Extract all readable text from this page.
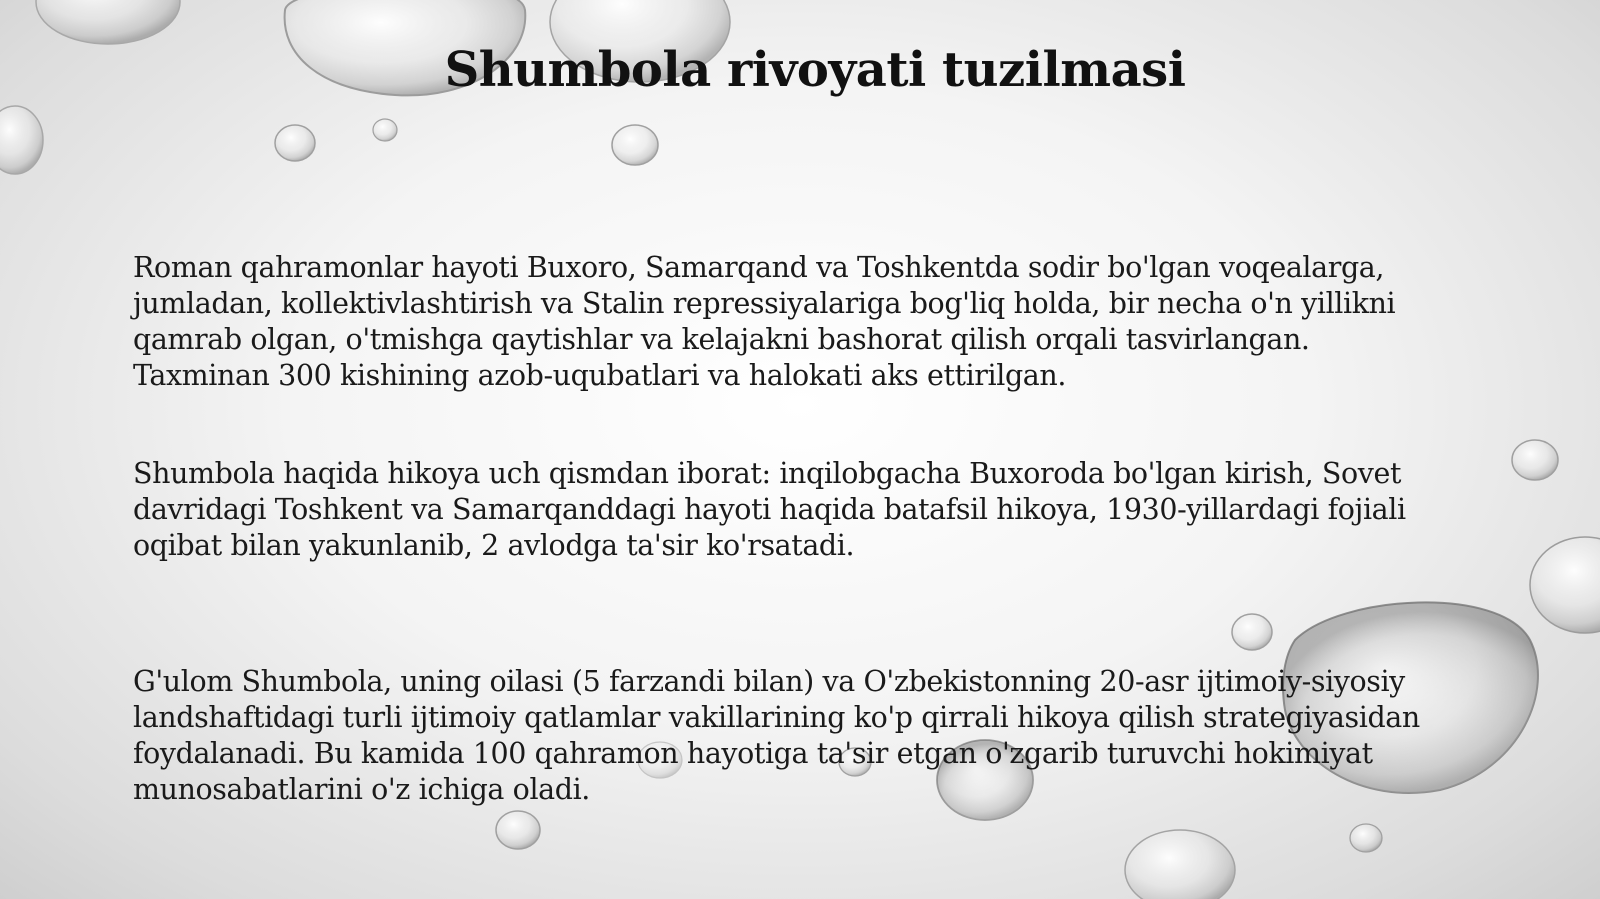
Shumbola rivoyati tuzilmasi

Roman qahramonlar hayoti Buxoro, Samarqand va Toshkentda sodir bo'lgan voqealarga,
jumladan, kollektivlashtirish va Stalin repressiyalariga bog'liq holda, bir necha o'n yillikni
qamrab olgan, o'tmishga qaytishlar va kelajakni bashorat qilish orqali tasvirlangan.
Taxminan 300 kishining azob-uqubatlari va halokati aks ettirilgan.

Shumbola haqida hikoya uch qismdan iborat: inqilobgacha Buxoroda bo'lgan kirish, Sovet
davridagi Toshkent va Samarqanddagi hayoti haqida batafsil hikoya, 1930-yillardagi fojiali
oqibat bilan yakunlanib, 2 avlodga ta'sir ko'rsatadi.

G'ulom Shumbola, uning oilasi (5 farzandi bilan) va O'zbekistonning 20-asr ijtimoiy-siyosiy
landshaftidagi turli ijtimoiy qatlamlar vakillarining ko'p qirrali hikoya qilish strategiyasidan
foydalanadi. Bu kamida 100 qahramon hayotiga ta'sir etgan o'zgarib turuvchi hokimiyat
munosabatlarini o'z ichiga oladi.
